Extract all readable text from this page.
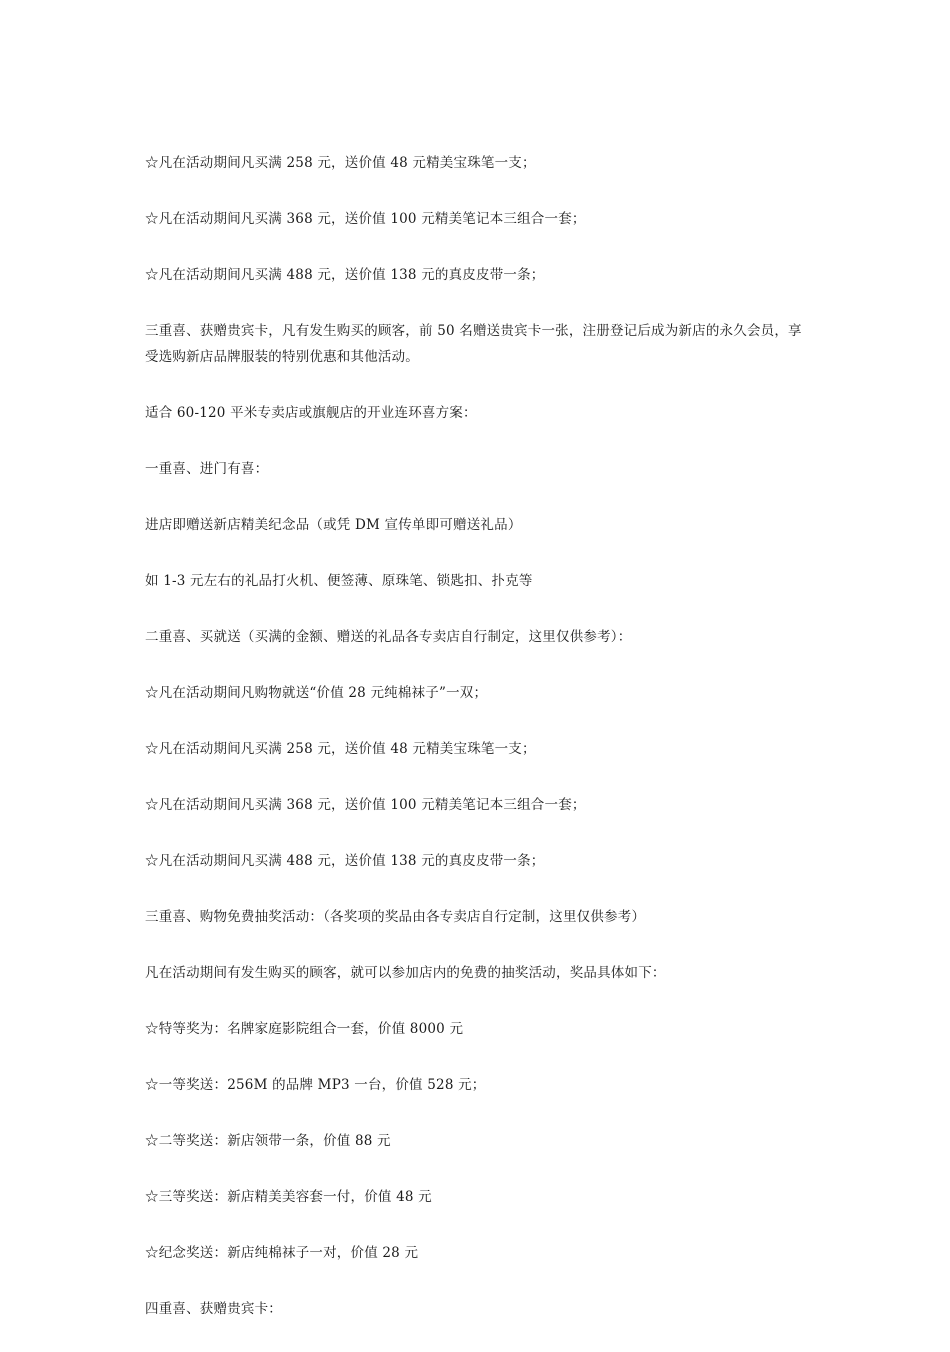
☆凡在活动期间凡买满 258 元，送价值 48 元精美宝珠笔一支；

☆凡在活动期间凡买满 368 元，送价值 100 元精美笔记本三组合一套；

☆凡在活动期间凡买满 488 元，送价值 138 元的真皮皮带一条；

三重喜、获赠贵宾卡，凡有发生购买的顾客，前 50 名赠送贵宾卡一张，注册登记后成为新店的永久会员，享受选购新店品牌服装的特别优惠和其他活动。

适合 60-120 平米专卖店或旗舰店的开业连环喜方案：

一重喜、进门有喜：

进店即赠送新店精美纪念品（或凭 DM 宣传单即可赠送礼品）

如 1-3 元左右的礼品打火机、便签薄、原珠笔、锁匙扣、扑克等

二重喜、买就送（买满的金额、赠送的礼品各专卖店自行制定，这里仅供参考）：

☆凡在活动期间凡购物就送“价值 28 元纯棉袜子”一双；

☆凡在活动期间凡买满 258 元，送价值 48 元精美宝珠笔一支；

☆凡在活动期间凡买满 368 元，送价值 100 元精美笔记本三组合一套；

☆凡在活动期间凡买满 488 元，送价值 138 元的真皮皮带一条；

三重喜、购物免费抽奖活动：（各奖项的奖品由各专卖店自行定制，这里仅供参考）

凡在活动期间有发生购买的顾客，就可以参加店内的免费的抽奖活动，奖品具体如下：

☆特等奖为：名牌家庭影院组合一套，价值 8000 元

☆一等奖送：256M 的品牌 MP3 一台，价值 528 元；

☆二等奖送：新店领带一条，价值 88 元

☆三等奖送：新店精美美容套一付，价值 48 元

☆纪念奖送：新店纯棉袜子一对，价值 28 元

四重喜、获赠贵宾卡：
